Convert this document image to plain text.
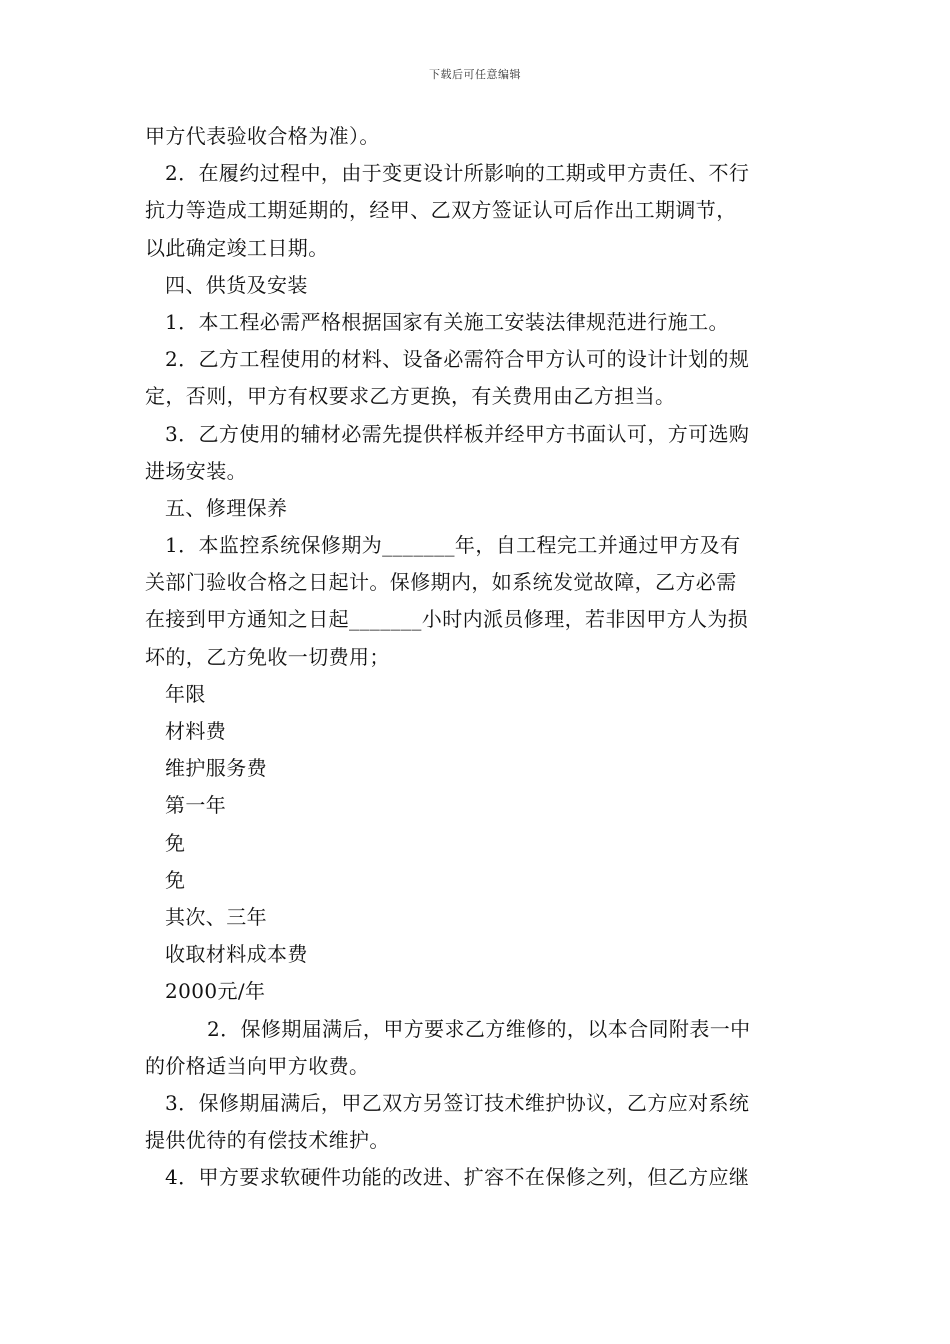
下载后可任意编辑
甲方代表验收合格为准）。
2．在履约过程中，由于变更设计所影响的工期或甲方责任、不行
抗力等造成工期延期的，经甲、乙双方签证认可后作出工期调节，
以此确定竣工日期。
四、供货及安装
1．本工程必需严格根据国家有关施工安装法律规范进行施工。
2．乙方工程使用的材料、设备必需符合甲方认可的设计计划的规
定，否则，甲方有权要求乙方更换，有关费用由乙方担当。
3．乙方使用的辅材必需先提供样板并经甲方书面认可，方可选购
进场安装。
五、修理保养
1．本监控系统保修期为_______年，自工程完工并通过甲方及有
关部门验收合格之日起计。保修期内，如系统发觉故障，乙方必需
在接到甲方通知之日起_______小时内派员修理，若非因甲方人为损
坏的，乙方免收一切费用；
年限
材料费
维护服务费
第一年
免
免
其次、三年
收取材料成本费
2000元/年
2．保修期届满后，甲方要求乙方维修的，以本合同附表一中
的价格适当向甲方收费。
3．保修期届满后，甲乙双方另签订技术维护协议，乙方应对系统
提供优待的有偿技术维护。
4．甲方要求软硬件功能的改进、扩容不在保修之列，但乙方应继
